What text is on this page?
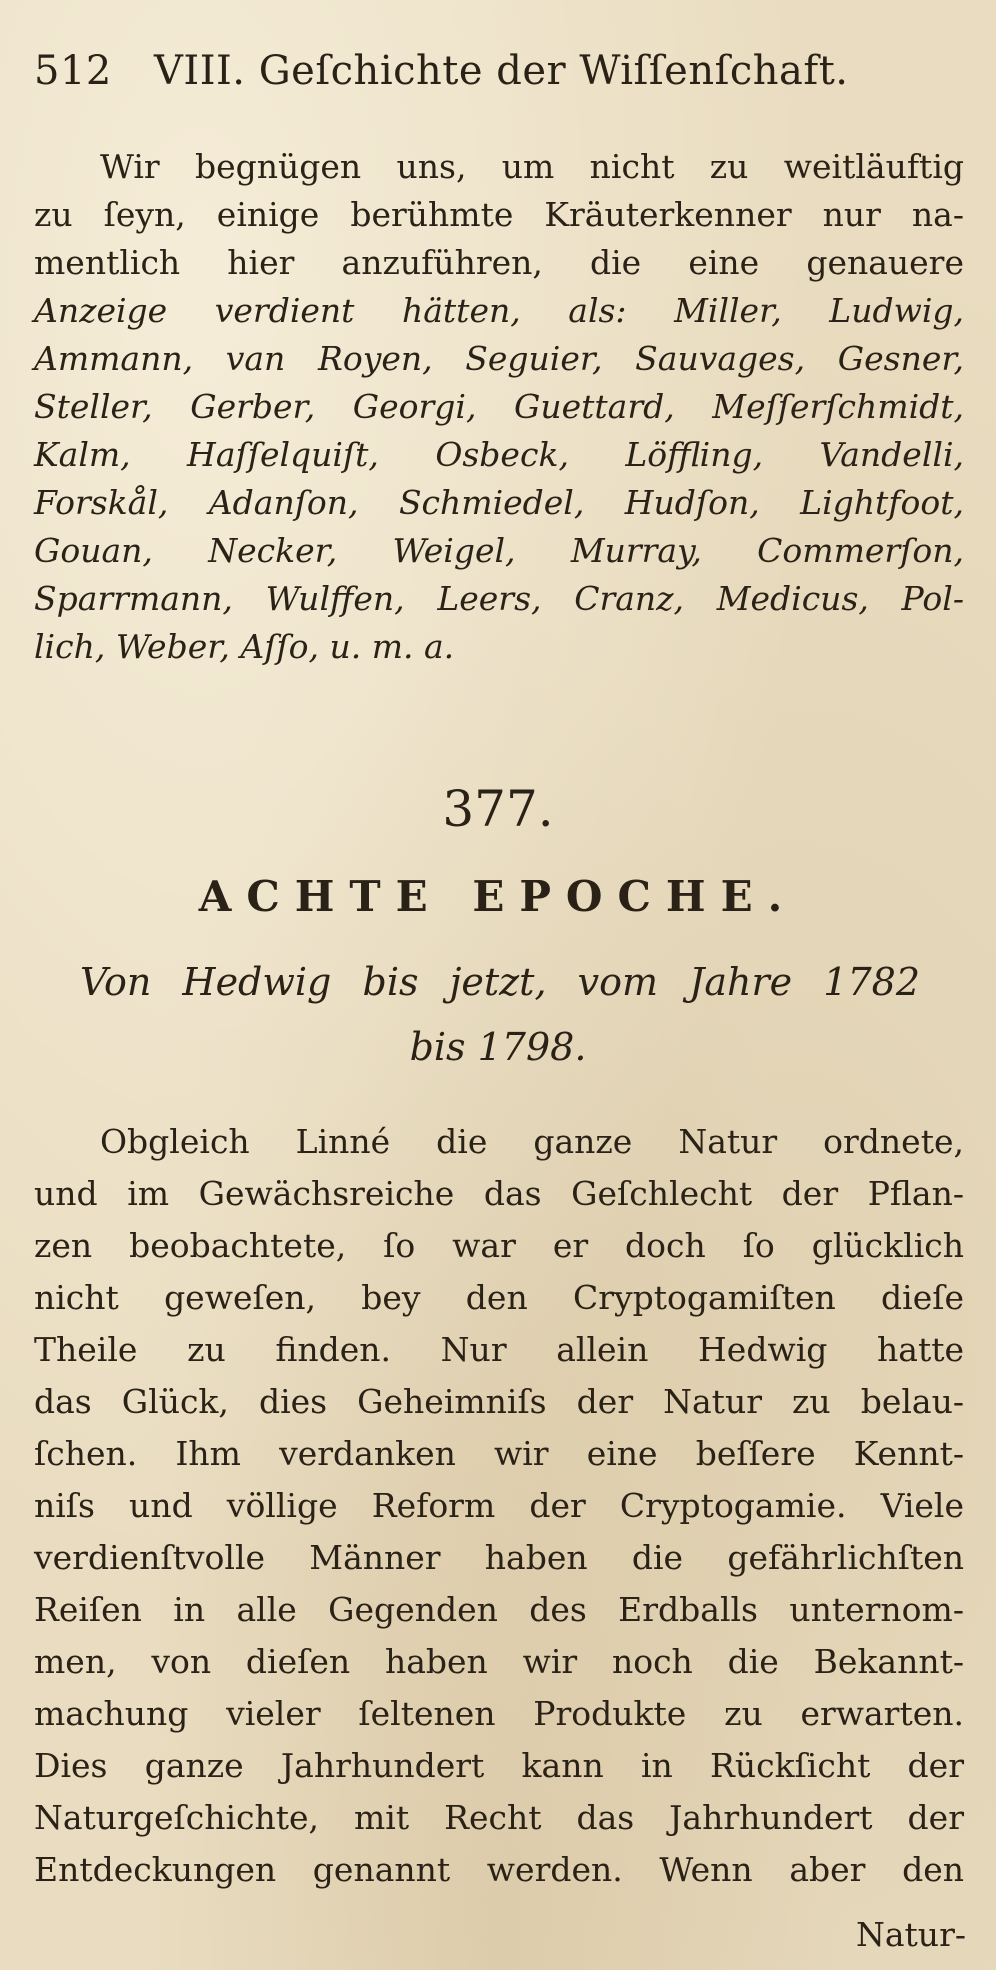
512 VIII. Geſchichte der Wiſſenſchaft.
Wir begnügen uns, um nicht zu weitläuftig
zu ſeyn, einige berühmte Kräuterkenner nur na-
mentlich hier anzuführen, die eine genauere
Anzeige verdient hätten, als: Miller, Ludwig,
Ammann, van Royen, Seguier, Sauvages, Gesner,
Steller, Gerber, Georgi, Guettard, Meſſerſchmidt,
Kalm, Haſſelquiſt, Osbeck, Löffling, Vandelli,
Forskål, Adanſon, Schmiedel, Hudſon, Lightfoot,
Gouan, Necker, Weigel, Murray, Commerſon,
Sparrmann, Wulffen, Leers, Cranz, Medicus, Pol-
lich, Weber, Aſſo, u. m. a.
377.
ACHTE EPOCHE.
Von Hedwig bis jetzt, vom Jahre 1782
bis 1798.
Obgleich Linné die ganze Natur ordnete,
und im Gewächsreiche das Geſchlecht der Pflan-
zen beobachtete, ſo war er doch ſo glücklich
nicht geweſen, bey den Cryptogamiſten dieſe
Theile zu finden. Nur allein Hedwig hatte
das Glück, dies Geheimniſs der Natur zu belau-
ſchen. Ihm verdanken wir eine beſſere Kennt-
niſs und völlige Reform der Cryptogamie. Viele
verdienſtvolle Männer haben die gefährlichſten
Reiſen in alle Gegenden des Erdballs unternom-
men, von dieſen haben wir noch die Bekannt-
machung vieler ſeltenen Produkte zu erwarten.
Dies ganze Jahrhundert kann in Rückſicht der
Naturgeſchichte, mit Recht das Jahrhundert der
Entdeckungen genannt werden. Wenn aber den
Natur-
